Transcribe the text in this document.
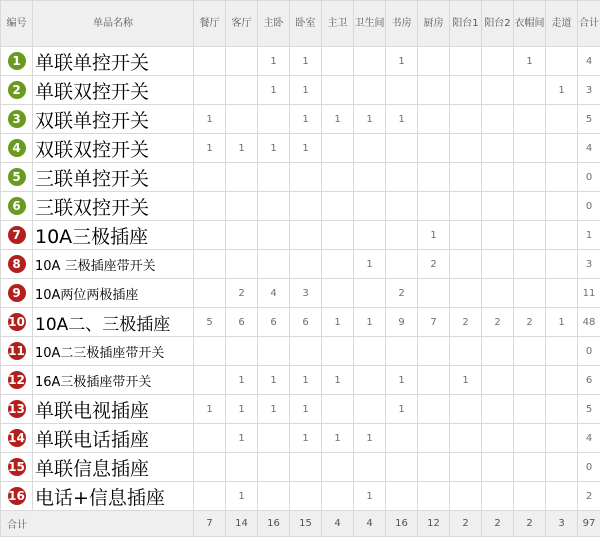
编号	单品名称	餐厅	客厅	主卧	卧室	主卫	卫生间	书房	厨房	阳台1	阳台2	衣帽间	走道	合计
1	单联单控开关			1	1			1				1		4
2	单联双控开关			1	1								1	3
3	双联单控开关	1			1	1	1	1						5
4	双联双控开关	1	1	1	1									4
5	三联单控开关													0
6	三联双控开关													0
7	10A三极插座								1					1
8	10A 三极插座带开关						1		2					3
9	10A两位两极插座		2	4	3			2						11
10	10A二、三极插座	5	6	6	6	1	1	9	7	2	2	2	1	48
11	10A二三极插座带开关													0
12	16A三极插座带开关		1	1	1	1		1		1				6
13	单联电视插座	1	1	1	1			1						5
14	单联电话插座		1		1	1	1							4
15	单联信息插座													0
16	电话+信息插座		1				1							2
合计		7	14	16	15	4	4	16	12	2	2	2	3	97
